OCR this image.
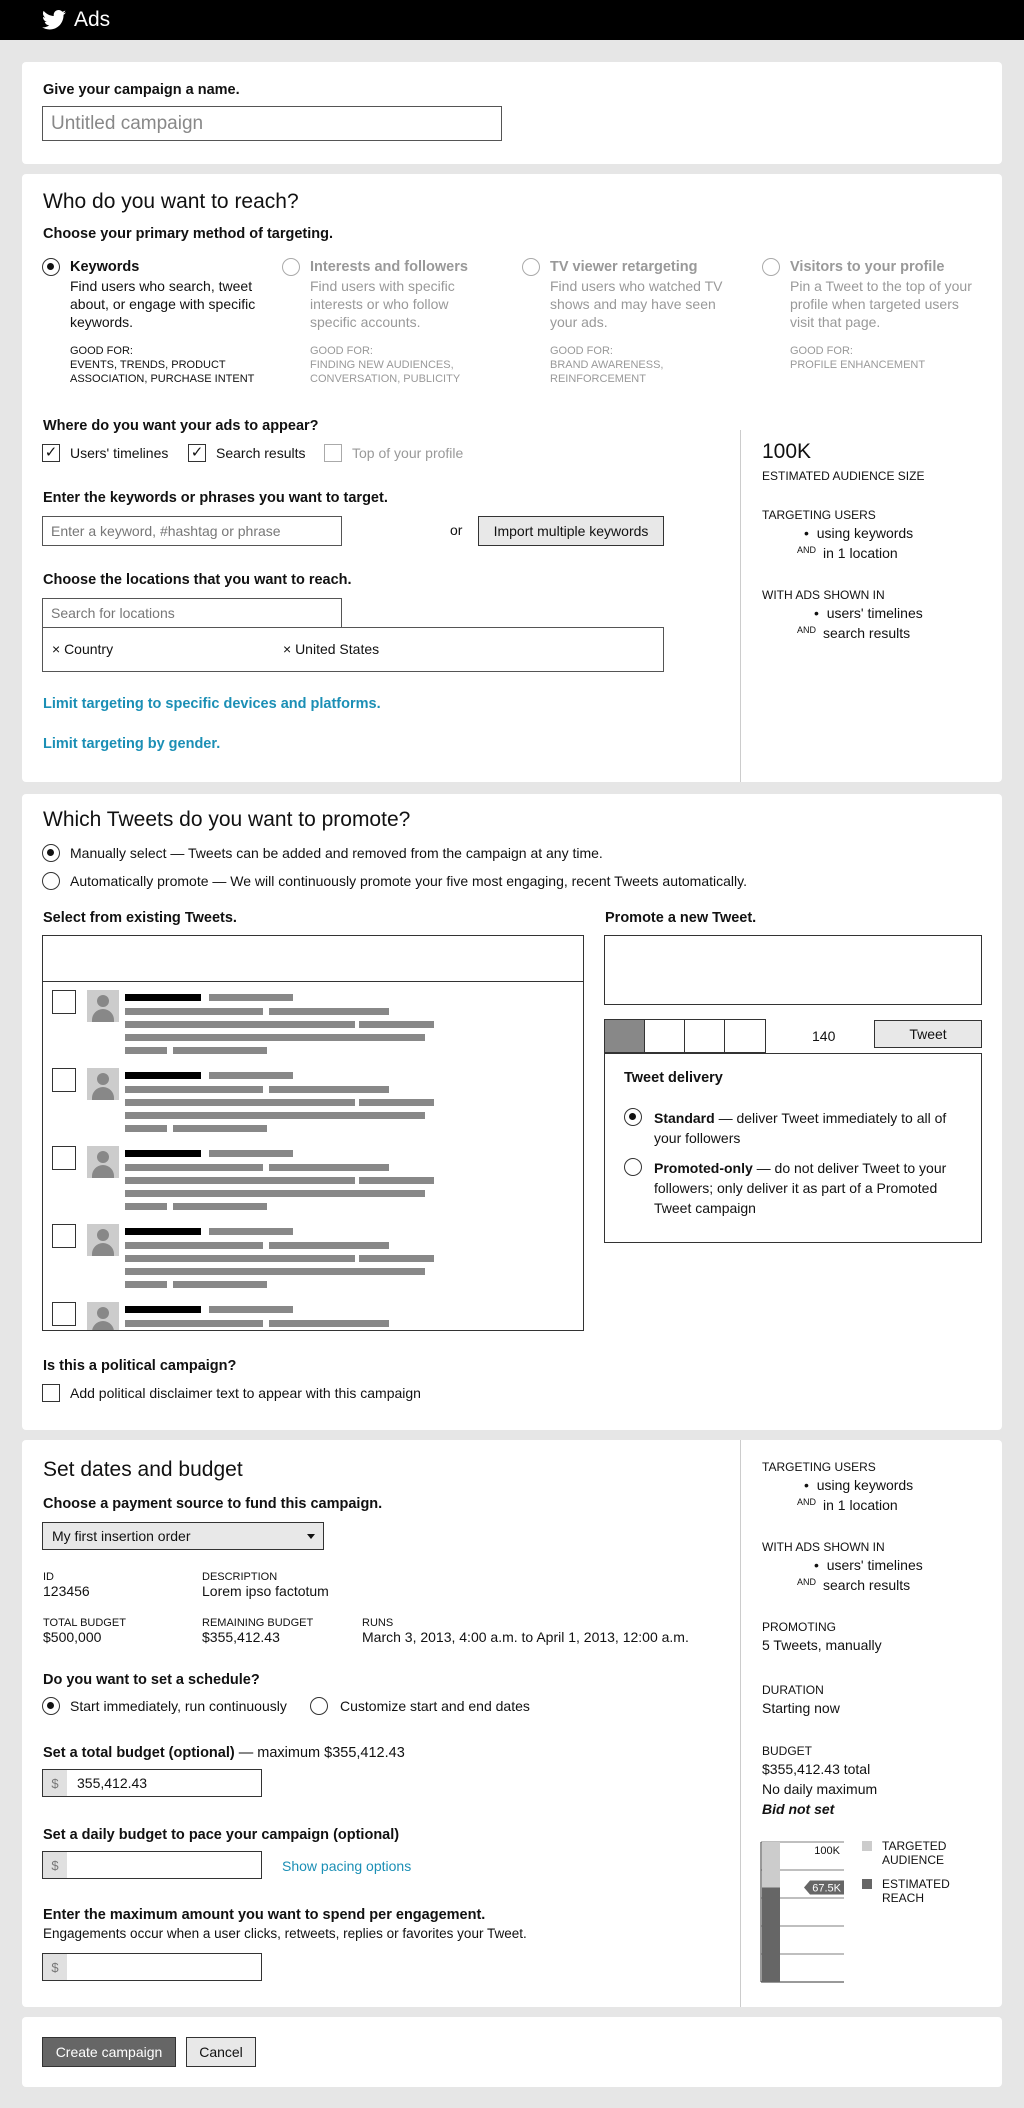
Ads
Give your campaign a name.
Untitled campaign
Who do you want to reach?
Choose your primary method of targeting.
Keywords
Find users who search, tweet about, or engage with specific keywords.
GOOD FOR:
EVENTS, TRENDS, PRODUCT ASSOCIATION, PURCHASE INTENT
Interests and followers
Find users with specific interests or who follow specific accounts.
GOOD FOR:
FINDING NEW AUDIENCES, CONVERSATION, PUBLICITY
TV viewer retargeting
Find users who watched TV shows and may have seen your ads.
GOOD FOR:
BRAND AWARENESS, REINFORCEMENT
Visitors to your profile
Pin a Tweet to the top of your profile when targeted users visit that page.
GOOD FOR:
PROFILE ENHANCEMENT
Where do you want your ads to appear?
✓ Users' timelines ✓ Search results	Top of your profile
Enter the keywords or phrases you want to target.
Enter a keyword, #hashtag or phrase	or	Import multiple keywords
Choose the locations that you want to reach.
Search for locations
× Country	× United States
Limit targeting to specific devices and platforms.
Limit targeting by gender.
100K
ESTIMATED AUDIENCE SIZE
TARGETING USERS
•  using keywords
AND in 1 location
WITH ADS SHOWN IN
•  users' timelines
AND search results
Which Tweets do you want to promote?
Manually select — Tweets can be added and removed from the campaign at any time.
Automatically promote — We will continuously promote your five most engaging, recent Tweets automatically.
Select from existing Tweets.	Promote a new Tweet.
140	Tweet
Tweet delivery
Standard — deliver Tweet immediately to all of your followers
Promoted-only — do not deliver Tweet to your followers; only deliver it as part of a Promoted Tweet campaign
Is this a political campaign?
Add political disclaimer text to appear with this campaign
Set dates and budget
Choose a payment source to fund this campaign.
My first insertion order
ID
123456
DESCRIPTION
Lorem ipso factotum
TOTAL BUDGET
$500,000
REMAINING BUDGET
$355,412.43
RUNS
March 3, 2013, 4:00 a.m. to April 1, 2013, 12:00 a.m.
Do you want to set a schedule?
Start immediately, run continuously	Customize start and end dates
Set a total budget (optional) — maximum $355,412.43
$	355,412.43
Set a daily budget to pace your campaign (optional)
$	Show pacing options
Enter the maximum amount you want to spend per engagement.
Engagements occur when a user clicks, retweets, replies or favorites your Tweet.
$
TARGETING USERS
•  using keywords
AND in 1 location
WITH ADS SHOWN IN
•  users' timelines
AND search results
PROMOTING
5 Tweets, manually
DURATION
Starting now
BUDGET
$355,412.43 total
No daily maximum
Bid not set
100K
67.5K
TARGETED AUDIENCE
ESTIMATED REACH
Create campaign	Cancel
